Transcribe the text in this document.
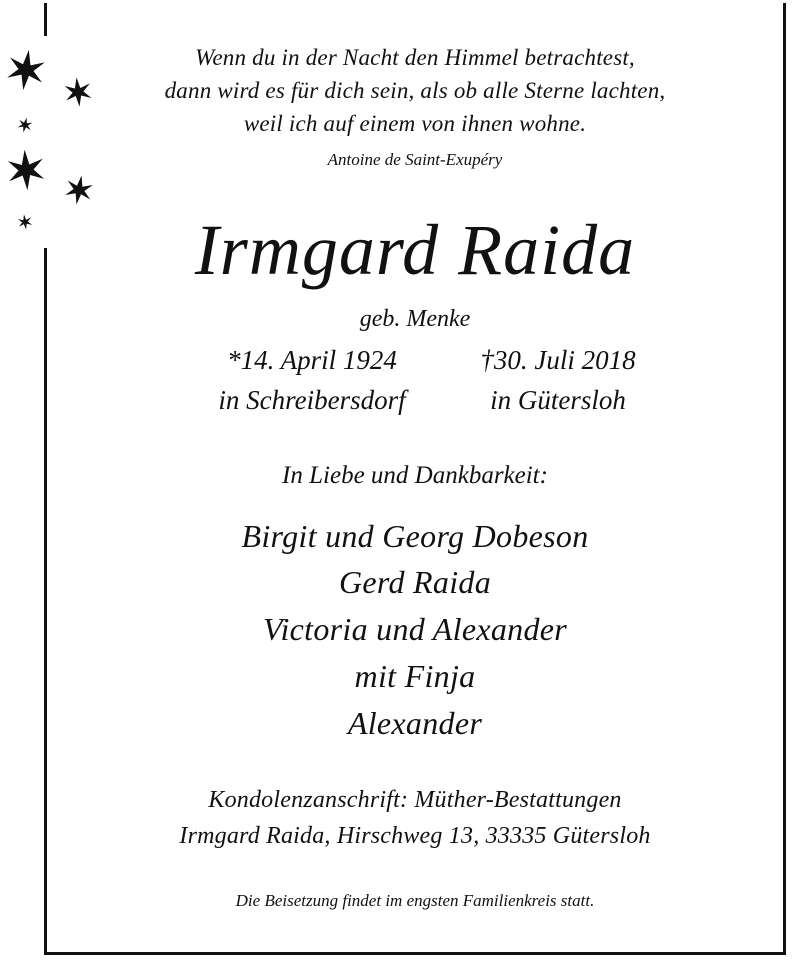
Wenn du in der Nacht den Himmel betrachtest,
dann wird es für dich sein, als ob alle Sterne lachten,
weil ich auf einem von ihnen wohne.
Antoine de Saint-Exupéry
Irmgard Raida
geb. Menke
*14. April 1924
in Schreibersdorf
†30. Juli 2018
in Gütersloh
In Liebe und Dankbarkeit:
Birgit und Georg Dobeson
Gerd Raida
Victoria und Alexander
mit Finja
Alexander
Kondolenzanschrift: Müther-Bestattungen
Irmgard Raida, Hirschweg 13, 33335 Gütersloh
Die Beisetzung findet im engsten Familienkreis statt.
